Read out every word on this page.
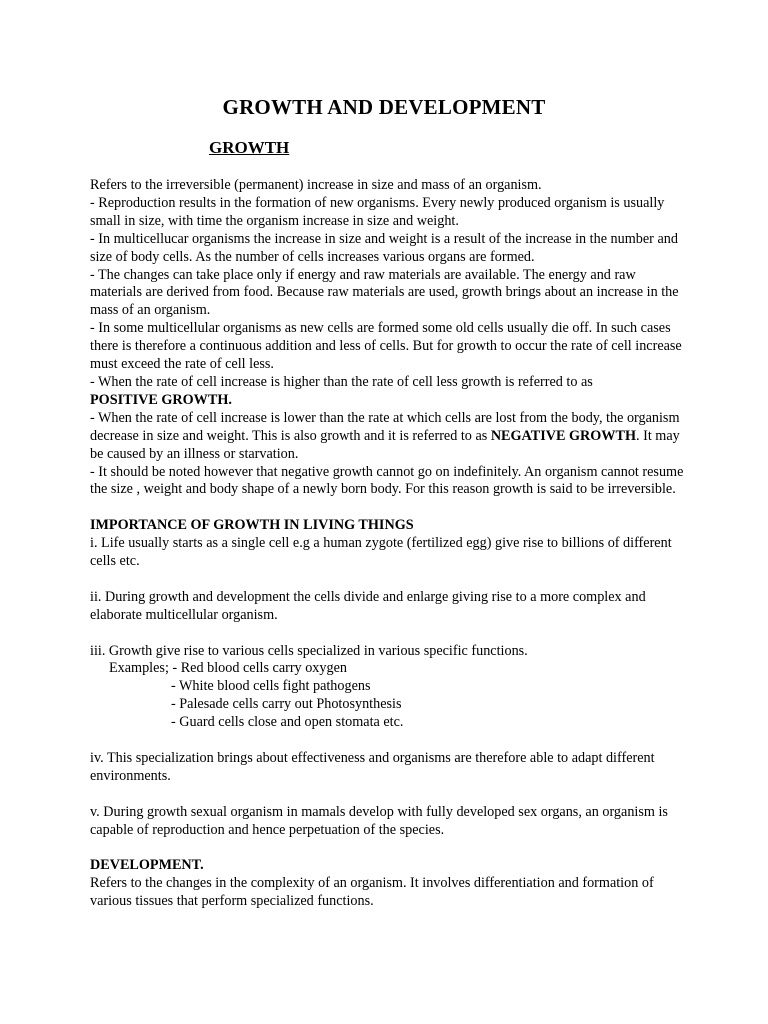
GROWTH AND DEVELOPMENT
GROWTH

Refers to the irreversible (permanent) increase in size and mass of an organism.

- Reproduction results in the formation of new organisms. Every newly produced organism is usually small in size, with time the organism increase in size and weight.

- In multicellucar organisms the increase in size and weight is a result of the increase in the number and size of body cells. As the number of cells increases various organs are formed.

- The changes can take place only if energy and raw materials are available. The energy and raw materials are derived from food. Because raw materials are used, growth brings about an increase in the mass of an organism.

- In some multicellular organisms as new cells are formed some old cells usually die off. In such cases there is therefore a continuous addition and less of cells. But for growth to occur the rate of cell increase must exceed the rate of cell less.

- When the rate of cell increase is higher than the rate of cell less growth is referred to as
POSITIVE GROWTH.

- When the rate of cell increase is lower than the rate at which cells are lost from the body, the organism decrease in size and weight. This is also growth and it is referred to as NEGATIVE GROWTH. It may be caused by an illness or starvation.

- It should be noted however that negative growth cannot go on indefinitely. An organism cannot resume the size , weight and body shape of a newly born body. For this reason growth is said to be irreversible.

IMPORTANCE OF GROWTH IN LIVING THINGS

i. Life usually starts as a single cell e.g a human zygote (fertilized egg) give rise to billions of different cells etc.

ii. During growth and development the cells divide and enlarge giving rise to a more complex and elaborate multicellular organism.

iii. Growth give rise to various cells specialized in various specific functions.

Examples; - Red blood cells carry oxygen

- White blood cells fight pathogens

- Palesade cells carry out Photosynthesis

- Guard cells close and open stomata etc.

iv. This specialization brings about effectiveness and organisms are therefore able to adapt different environments.

v. During growth sexual organism in mamals develop with fully developed sex organs, an organism is capable of reproduction and hence perpetuation of the species.

DEVELOPMENT.

Refers to the changes in the complexity of an organism. It involves differentiation and formation of various tissues that perform specialized functions.
